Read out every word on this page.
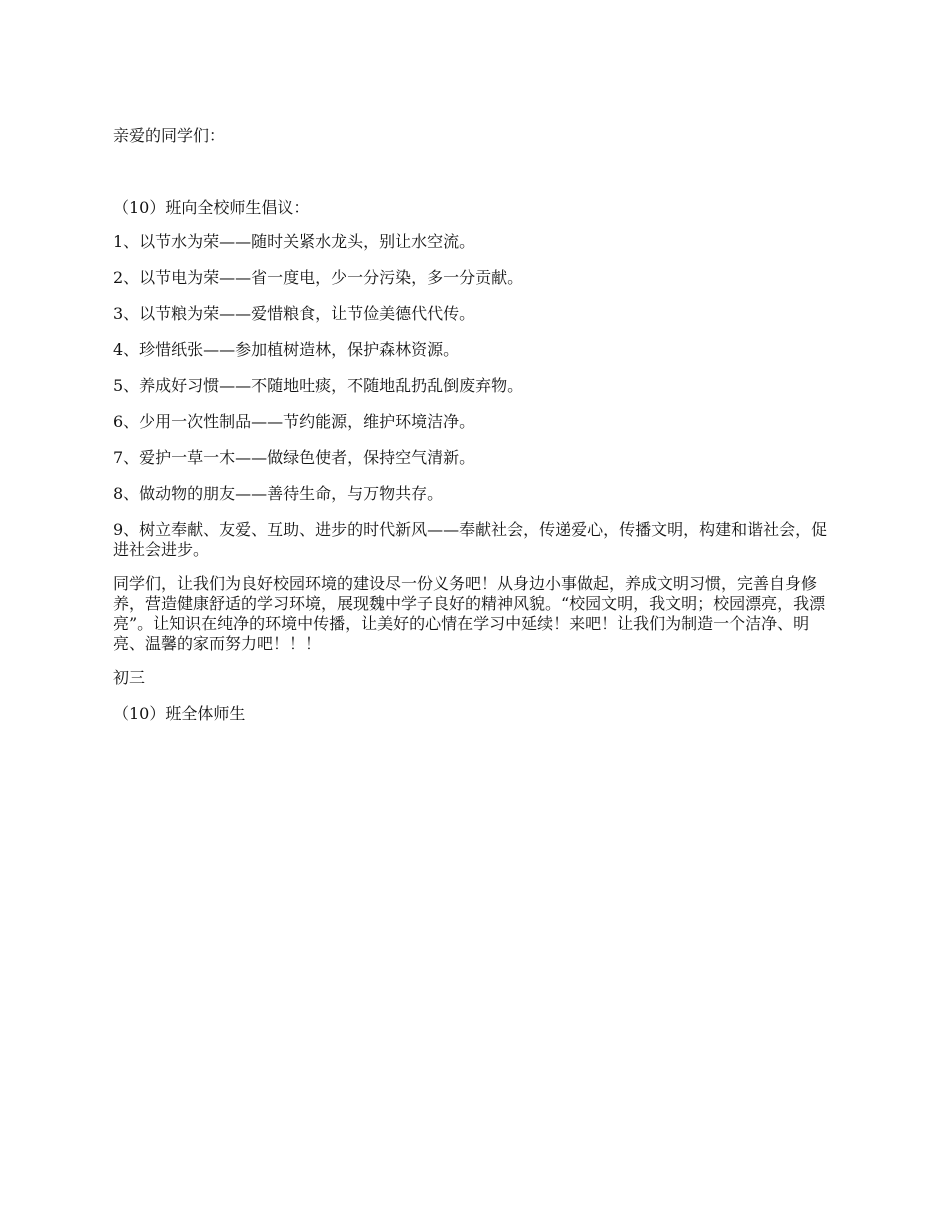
亲爱的同学们：

（10）班向全校师生倡议：

1、以节水为荣——随时关紧水龙头，别让水空流。

2、以节电为荣——省一度电，少一分污染，多一分贡献。

3、以节粮为荣——爱惜粮食，让节俭美德代代传。

4、珍惜纸张——参加植树造林，保护森林资源。

5、养成好习惯——不随地吐痰，不随地乱扔乱倒废弃物。

6、少用一次性制品——节约能源，维护环境洁净。

7、爱护一草一木——做绿色使者，保持空气清新。

8、做动物的朋友——善待生命，与万物共存。

9、树立奉献、友爱、互助、进步的时代新风——奉献社会，传递爱心，传播文明，构建和谐社会，促进社会进步。

同学们，让我们为良好校园环境的建设尽一份义务吧！从身边小事做起，养成文明习惯，完善自身修养，营造健康舒适的学习环境，展现魏中学子良好的精神风貌。“校园文明，我文明；校园漂亮，我漂亮”。让知识在纯净的环境中传播，让美好的心情在学习中延续！来吧！让我们为制造一个洁净、明亮、温馨的家而努力吧！！！

初三

（10）班全体师生
